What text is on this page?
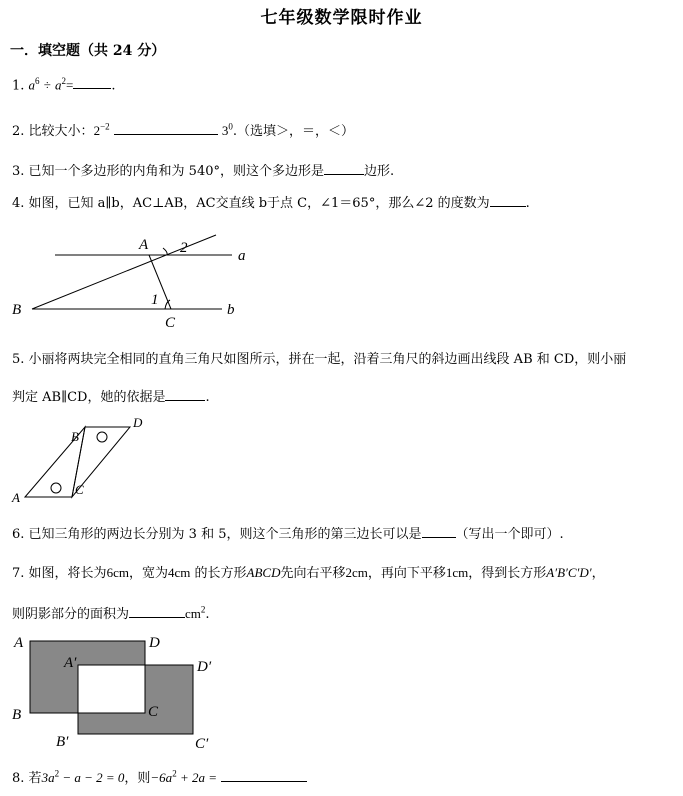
七年级数学限时作业
一．填空题（共 24 分）
1. $a^6 \div a^2=$	.
2. 比较大小：$2^{-2}$	$3^0$.（选填＞，＝，＜）
3. 已知一个多边形的内角和为 540°，则这个多边形是	边形.
4. 如图，已知 a∥b，AC⊥AB，AC交直线 b于点 C，∠1＝65°，那么∠2 的度数为	.
A 2	a
B
1
b
C
5. 小丽将两块完全相同的直角三角尺如图所示，拼在一起，沿着三角尺的斜边画出线段 AB 和 CD，则小丽
判定 AB∥CD，她的依据是	.
A
B
C
D
6. 已知三角形的两边长分别为 3 和 5，则这个三角形的第三边长可以是	（写出一个即可）.
7. 如图，将长为6cm，宽为4cm 的长方形ABCD先向右平移2cm，再向下平移1cm，得到长方形A′B′C′D′，
则阴影部分的面积为	$cm^2$.
A	D
A′	D′
B	C
B′	C′
8. 若$3a^2 - a - 2 = 0$，则$-6a^2 + 2a$ =
